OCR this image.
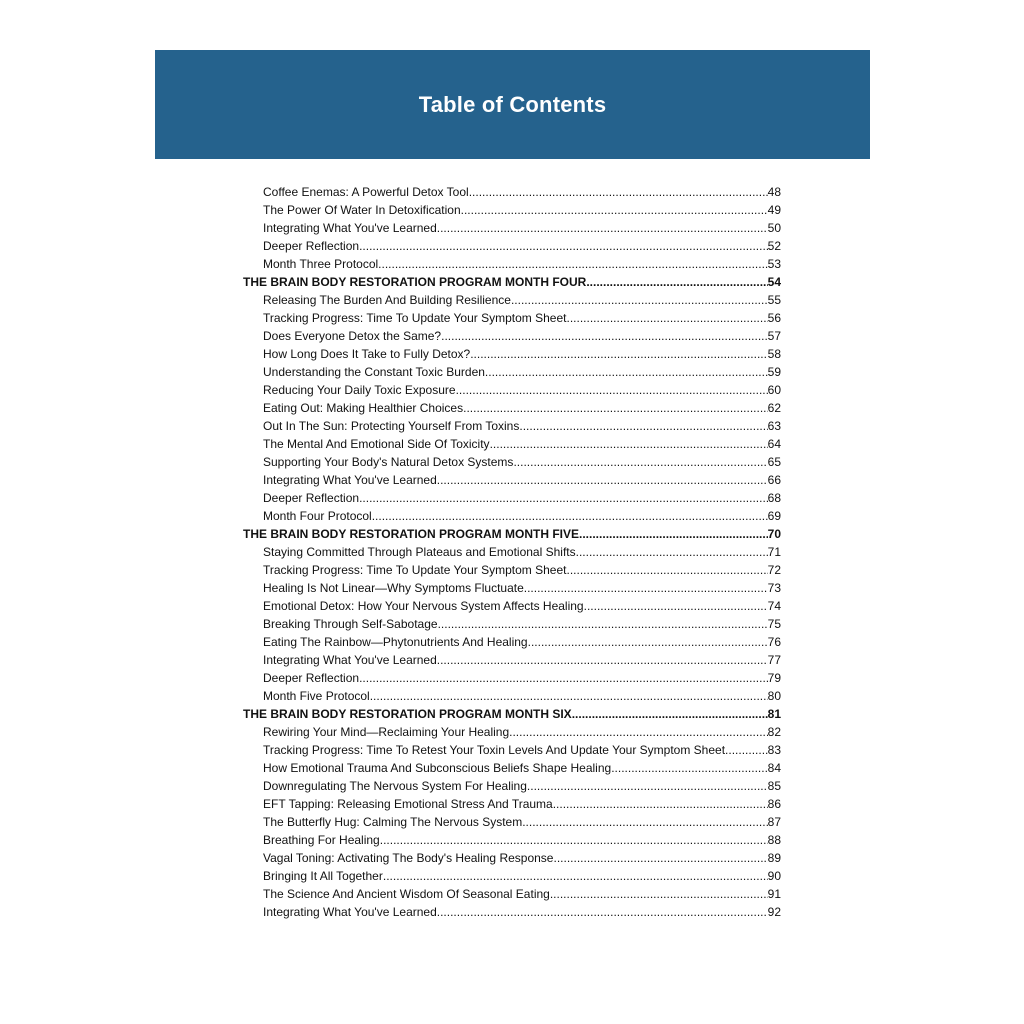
Table of Contents
Coffee Enemas: A Powerful Detox Tool .....	48
The Power Of Water In Detoxification .....	49
Integrating What You've Learned .....	50
Deeper Reflection .....	52
Month Three Protocol .....	53
THE BRAIN BODY RESTORATION PROGRAM MONTH FOUR .....	54
Releasing The Burden And Building Resilience .....	55
Tracking Progress: Time To Update Your Symptom Sheet .....	56
Does Everyone Detox the Same? .....	57
How Long Does It Take to Fully Detox? .....	58
Understanding the Constant Toxic Burden .....	59
Reducing Your Daily Toxic Exposure .....	60
Eating Out: Making Healthier Choices .....	62
Out In The Sun: Protecting Yourself From Toxins .....	63
The Mental And Emotional Side Of Toxicity .....	64
Supporting Your Body's Natural Detox Systems .....	65
Integrating What You've Learned .....	66
Deeper Reflection .....	68
Month Four Protocol .....	69
THE BRAIN BODY RESTORATION PROGRAM MONTH FIVE .....	70
Staying Committed Through Plateaus and Emotional Shifts .....	71
Tracking Progress: Time To Update Your Symptom Sheet .....	72
Healing Is Not Linear—Why Symptoms Fluctuate .....	73
Emotional Detox: How Your Nervous System Affects Healing .....	74
Breaking Through Self-Sabotage .....	75
Eating The Rainbow—Phytonutrients And Healing .....	76
Integrating What You've Learned .....	77
Deeper Reflection .....	79
Month Five Protocol .....	80
THE BRAIN BODY RESTORATION PROGRAM MONTH SIX .....	81
Rewiring Your Mind—Reclaiming Your Healing .....	82
Tracking Progress: Time To Retest Your Toxin Levels And Update Your Symptom Sheet .....	83
How Emotional Trauma And Subconscious Beliefs Shape Healing .....	84
Downregulating The Nervous System For Healing .....	85
EFT Tapping: Releasing Emotional Stress And Trauma .....	86
The Butterfly Hug: Calming The Nervous System .....	87
Breathing For Healing .....	88
Vagal Toning: Activating The Body's Healing Response .....	89
Bringing It All Together .....	90
The Science And Ancient Wisdom Of Seasonal Eating .....	91
Integrating What You've Learned .....	92
